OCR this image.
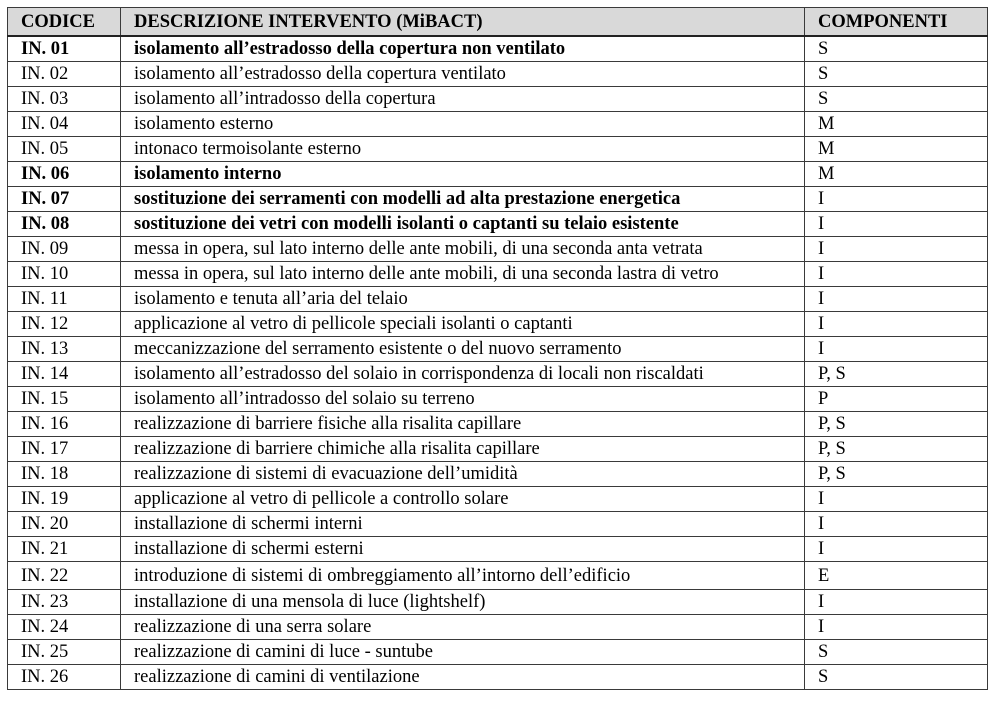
CODICE	DESCRIZIONE INTERVENTO (MiBACT)	COMPONENTI
IN. 01	isolamento all’estradosso della copertura non ventilato	S
IN. 02	isolamento all’estradosso della copertura ventilato	S
IN. 03	isolamento all’intradosso della copertura	S
IN. 04	isolamento esterno	M
IN. 05	intonaco termoisolante esterno	M
IN. 06	isolamento interno	M
IN. 07	sostituzione dei serramenti con modelli ad alta prestazione energetica	I
IN. 08	sostituzione dei vetri con modelli isolanti o captanti su telaio esistente	I
IN. 09	messa in opera, sul lato interno delle ante mobili, di una seconda anta vetrata	I
IN. 10	messa in opera, sul lato interno delle ante mobili, di una seconda lastra di vetro	I
IN. 11	isolamento e tenuta all’aria del telaio	I
IN. 12	applicazione al vetro di pellicole speciali isolanti o captanti	I
IN. 13	meccanizzazione del serramento esistente o del nuovo serramento	I
IN. 14	isolamento all’estradosso del solaio in corrispondenza di locali non riscaldati	P, S
IN. 15	isolamento all’intradosso del solaio su terreno	P
IN. 16	realizzazione di barriere fisiche alla risalita capillare	P, S
IN. 17	realizzazione di barriere chimiche alla risalita capillare	P, S
IN. 18	realizzazione di sistemi di evacuazione dell’umidità	P, S
IN. 19	applicazione al vetro di pellicole a controllo solare	I
IN. 20	installazione di schermi interni	I
IN. 21	installazione di schermi esterni	I
IN. 22	introduzione di sistemi di ombreggiamento all’intorno dell’edificio	E
IN. 23	installazione di una mensola di luce (lightshelf)	I
IN. 24	realizzazione di una serra solare	I
IN. 25	realizzazione di camini di luce - suntube	S
IN. 26	realizzazione di camini di ventilazione	S
